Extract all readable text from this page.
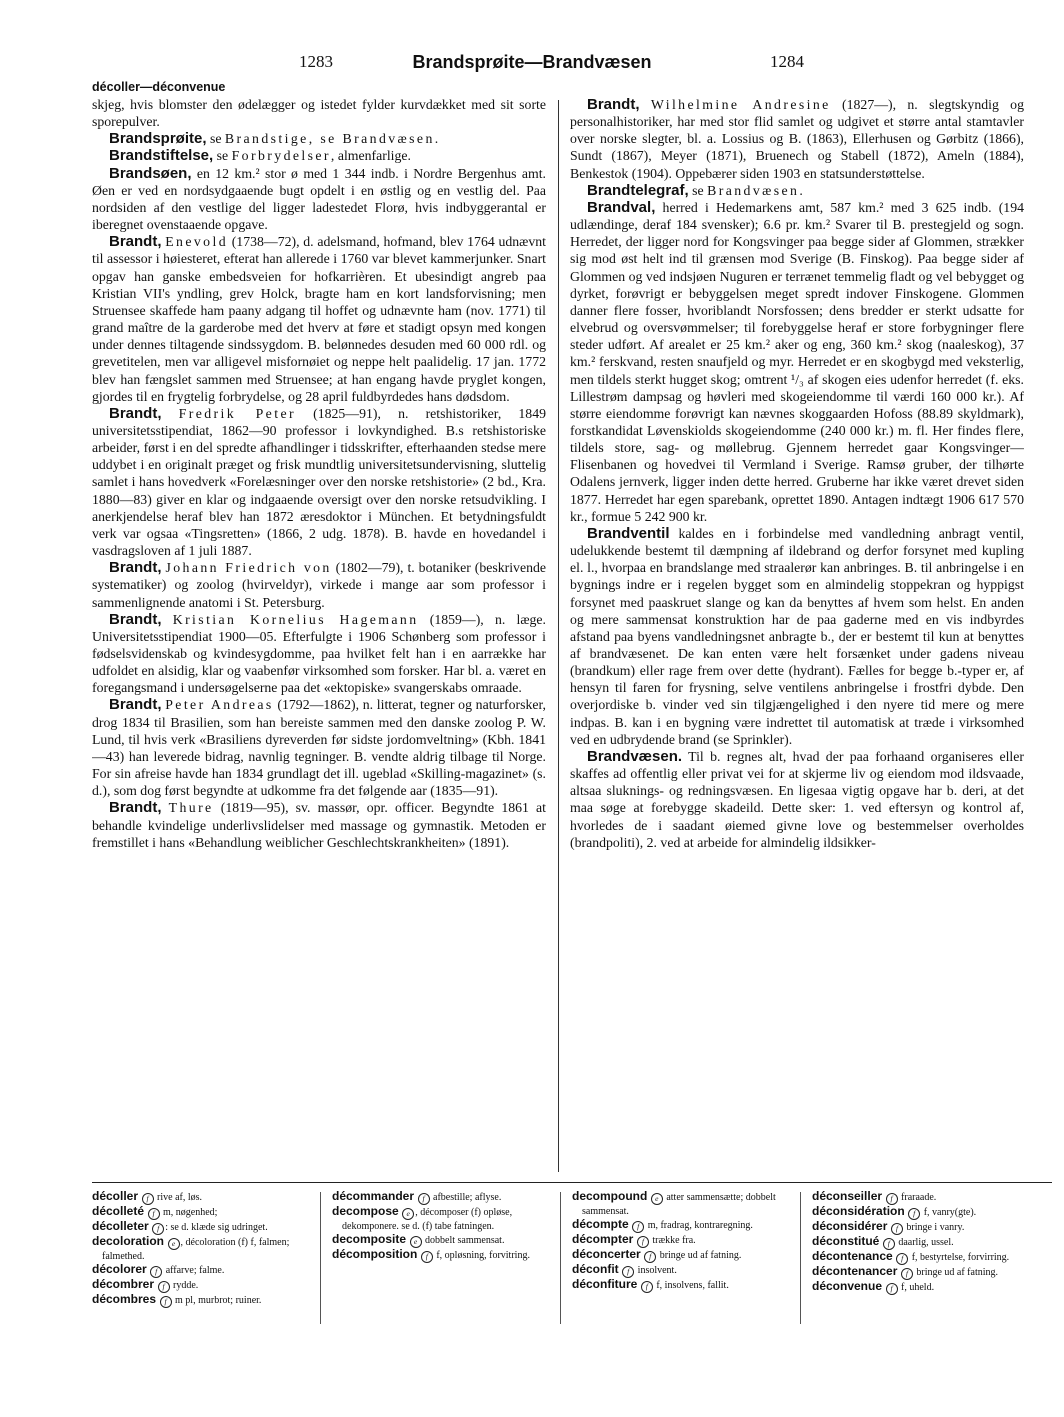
1283	Brandsprøite—Brandvæsen	1284
décoller—déconvenue

skjeg, hvis blomster den ødelægger og istedet fylder kurvdækket med sit sorte sporepulver.

Brandsprøite, se Brandstige, se Brandvæsen.

Brandstiftelse, se Forbrydelser, almenfarlige.

Brandsøen, en 12 km.² stor ø med 1 344 indb. i Nordre Bergenhus amt. Øen er ved en nordsydgaaende bugt opdelt i en østlig og en vestlig del. Paa nordsiden af den vestlige del ligger ladestedet Florø, hvis indbyggerantal er iberegnet ovenstaaende opgave.

Brandt, Enevold (1738—72), d. adelsmand, hofmand, blev 1764 udnævnt til assessor i høiesteret, efterat han allerede i 1760 var blevet kammerjunker. Snart opgav han ganske embedsveien for hofkarrièren. Et ubesindigt angreb paa Kristian VII's yndling, grev Holck, bragte ham en kort landsforvisning; men Struensee skaffede ham paany adgang til hoffet og udnævnte ham (nov. 1771) til grand maître de la garderobe med det hverv at føre et stadigt opsyn med kongen under dennes tiltagende sindssygdom. B. belønnedes desuden med 60 000 rdl. og grevetitelen, men var alligevel misfornøiet og neppe helt paalidelig. 17 jan. 1772 blev han fængslet sammen med Struensee; at han engang havde pryglet kongen, gjordes til en frygtelig forbrydelse, og 28 april fuldbyrdedes hans dødsdom.

Brandt, Fredrik Peter (1825—91), n. retshistoriker, 1849 universitetsstipendiat, 1862—90 professor i lovkyndighed. B.s retshistoriske arbeider, først i en del spredte afhandlinger i tidsskrifter, efterhaanden stedse mere uddybet i en originalt præget og frisk mundtlig universitetsundervisning, sluttelig samlet i hans hovedverk «Forelæsninger over den norske retshistorie» (2 bd., Kra. 1880—83) giver en klar og indgaaende oversigt over den norske retsudvikling. I anerkjendelse heraf blev han 1872 æresdoktor i München. Et betydningsfuldt verk var ogsaa «Tingsretten» (1866, 2 udg. 1878). B. havde en hovedandel i vasdragsloven af 1 juli 1887.

Brandt, Johann Friedrich von (1802—79), t. botaniker (beskrivende systematiker) og zoolog (hvirveldyr), virkede i mange aar som professor i sammenlignende anatomi i St. Petersburg.

Brandt, Kristian Kornelius Hagemann (1859—), n. læge. Universitetsstipendiat 1900—05. Efterfulgte i 1906 Schønberg som professor i fødselsvidenskab og kvindesygdomme, paa hvilket felt han i en aarrække har udfoldet en alsidig, klar og vaabenfør virksomhed som forsker. Har bl. a. været en foregangsmand i undersøgelserne paa det «ektopiske» svangerskabs omraade.

Brandt, Peter Andreas (1792—1862), n. litterat, tegner og naturforsker, drog 1834 til Brasilien, som han bereiste sammen med den danske zoolog P. W. Lund, til hvis verk «Brasiliens dyreverden før sidste jordomveltning» (Kbh. 1841—43) han leverede bidrag, navnlig tegninger. B. vendte aldrig tilbage til Norge. For sin afreise havde han 1834 grundlagt det ill. ugeblad «Skilling-magazinet» (s. d.), som dog først begyndte at udkomme fra det følgende aar (1835—91).

Brandt, Thure (1819—95), sv. massør, opr. officer. Begyndte 1861 at behandle kvindelige underlivslidelser med massage og gymnastik. Metoden er fremstillet i hans «Behandlung weiblicher Geschlechtskrankheiten» (1891).

Brandt, Wilhelmine Andresine (1827—), n. slegtskyndig og personalhistoriker, har med stor flid samlet og udgivet et større antal stamtavler over norske slegter, bl. a. Lossius og B. (1863), Ellerhusen og Gørbitz (1866), Sundt (1867), Meyer (1871), Bruenech og Stabell (1872), Ameln (1884), Benkestok (1904). Oppebærer siden 1903 en statsunderstøttelse.

Brandtelegraf, se Brandvæsen.

Brandval, herred i Hedemarkens amt, 587 km.² med 3 625 indb. (194 udlændinge, deraf 184 svensker); 6.6 pr. km.² Svarer til B. prestegjeld og sogn. Herredet, der ligger nord for Kongsvinger paa begge sider af Glommen, strækker sig mod øst helt ind til grænsen mod Sverige (B. Finskog). Paa begge sider af Glommen og ved indsjøen Nuguren er terrænet temmelig fladt og vel bebygget og dyrket, forøvrigt er bebyggelsen meget spredt indover Finskogene. Glommen danner flere fosser, hvoriblandt Norsfossen; dens bredder er sterkt udsatte for elvebrud og oversvømmelser; til forebyggelse heraf er store forbygninger flere steder udført. Af arealet er 25 km.² aker og eng, 360 km.² skog (naaleskog), 37 km.² ferskvand, resten snaufjeld og myr. Herredet er en skogbygd med veksterlig, men tildels sterkt hugget skog; omtrent ¹/₃ af skogen eies udenfor herredet (f. eks. Lillestrøm dampsag og høvleri med skogeiendomme til værdi 160 000 kr.). Af større eiendomme forøvrigt kan nævnes skoggaarden Hofoss (88.89 skyldmark), forstkandidat Løvenskiolds skogeiendomme (240 000 kr.) m. fl. Her findes flere, tildels store, sag- og møllebrug. Gjennem herredet gaar Kongsvinger—Flisenbanen og hovedvei til Vermland i Sverige. Ramsø gruber, der tilhørte Odalens jernverk, ligger inden dette herred. Gruberne har ikke været drevet siden 1877. Herredet har egen sparebank, oprettet 1890. Antagen indtægt 1906 617 570 kr., formue 5 242 900 kr.

Brandventil kaldes en i forbindelse med vandledning anbragt ventil, udelukkende bestemt til dæmpning af ildebrand og derfor forsynet med kupling el. l., hvorpaa en brandslange med straalerør kan anbringes. B. til anbringelse i en bygnings indre er i regelen bygget som en almindelig stoppekran og hyppigst forsynet med paaskruet slange og kan da benyttes af hvem som helst. En anden og mere sammensat konstruktion har de paa gaderne med en vis indbyrdes afstand paa byens vandledningsnet anbragte b., der er bestemt til kun at benyttes af brandvæsenet. De kan enten være helt forsænket under gadens niveau (brandkum) eller rage frem over dette (hydrant). Fælles for begge b.-typer er, af hensyn til faren for frysning, selve ventilens anbringelse i frostfri dybde. Den overjordiske b. vinder ved sin tilgjængelighed i den nyere tid mere og mere indpas. B. kan i en bygning være indrettet til automatisk at træde i virksomhed ved en udbrydende brand (se Sprinkler).

Brandvæsen. Til b. regnes alt, hvad der paa forhaand organiseres eller skaffes ad offentlig eller privat vei for at skjerme liv og eiendom mod ildsvaade, altsaa sluknings- og redningsvæsen. En ligesaa vigtig opgave har b. deri, at det maa søge at forebygge skadeild. Dette sker: 1. ved eftersyn og kontrol af, hvorledes de i saadant øiemed givne love og bestemmelser overholdes (brandpoliti), 2. ved at arbeide for almindelig ildsikker-

décoller f rive af, løs.
décolleté f m, nøgenhed;
décolleter f : se d. klæde sig udringet.
decoloration e , décoloration (f) f, falmen; falmethed.
décolorer f affarve; falme.
décombrer f rydde.
décombres f m pl, murbrot; ruiner.
décommander f afbestille; aflyse.
decompose e , décomposer (f) opløse, dekomponere. se d. (f) tabe fatningen.
decomposite e dobbelt sammensat.
décomposition f f, opløsning, forvitring.
decompound e atter sammensætte; dobbelt sammensat.
décompte f m, fradrag, kontraregning.
décompter f trække fra.
déconcerter f bringe ud af fatning.
déconfit f insolvent.
déconfiture f f, insolvens, fallit.
déconseiller f fraraade.
déconsidération f f, vanry(gte).
déconsidérer f bringe i vanry.
déconstitué f daarlig, ussel.
décontenance f f, bestyrtelse, forvirring.
décontenancer f bringe ud af fatning.
déconvenue f f, uheld.
